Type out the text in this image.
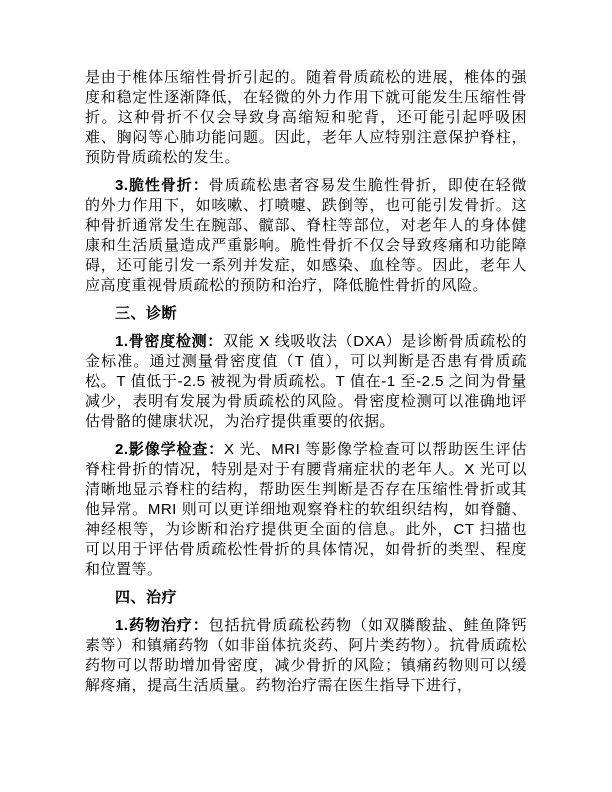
是由于椎体压缩性骨折引起的。随着骨质疏松的进展，椎体的强度和稳定性逐渐降低，在轻微的外力作用下就可能发生压缩性骨折。这种骨折不仅会导致身高缩短和驼背，还可能引起呼吸困难、胸闷等心肺功能问题。因此，老年人应特别注意保护脊柱，预防骨质疏松的发生。

3.脆性骨折：骨质疏松患者容易发生脆性骨折，即使在轻微的外力作用下，如咳嗽、打喷嚏、跌倒等，也可能引发骨折。这种骨折通常发生在腕部、髋部、脊柱等部位，对老年人的身体健康和生活质量造成严重影响。脆性骨折不仅会导致疼痛和功能障碍，还可能引发一系列并发症，如感染、血栓等。因此，老年人应高度重视骨质疏松的预防和治疗，降低脆性骨折的风险。

三、诊断

1.骨密度检测：双能 X 线吸收法（DXA）是诊断骨质疏松的金标准。通过测量骨密度值（T 值），可以判断是否患有骨质疏松。T 值低于-2.5 被视为骨质疏松。T 值在-1 至-2.5 之间为骨量减少，表明有发展为骨质疏松的风险。骨密度检测可以准确地评估骨骼的健康状况，为治疗提供重要的依据。

2.影像学检查：X 光、MRI 等影像学检查可以帮助医生评估脊柱骨折的情况，特别是对于有腰背痛症状的老年人。X 光可以清晰地显示脊柱的结构，帮助医生判断是否存在压缩性骨折或其他异常。MRI 则可以更详细地观察脊柱的软组织结构，如脊髓、神经根等，为诊断和治疗提供更全面的信息。此外，CT 扫描也可以用于评估骨质疏松性骨折的具体情况，如骨折的类型、程度和位置等。

四、治疗

1.药物治疗：包括抗骨质疏松药物（如双膦酸盐、鲑鱼降钙素等）和镇痛药物（如非甾体抗炎药、阿片类药物）。抗骨质疏松药物可以帮助增加骨密度，减少骨折的风险；镇痛药物则可以缓解疼痛，提高生活质量。药物治疗需在医生指导下进行，
